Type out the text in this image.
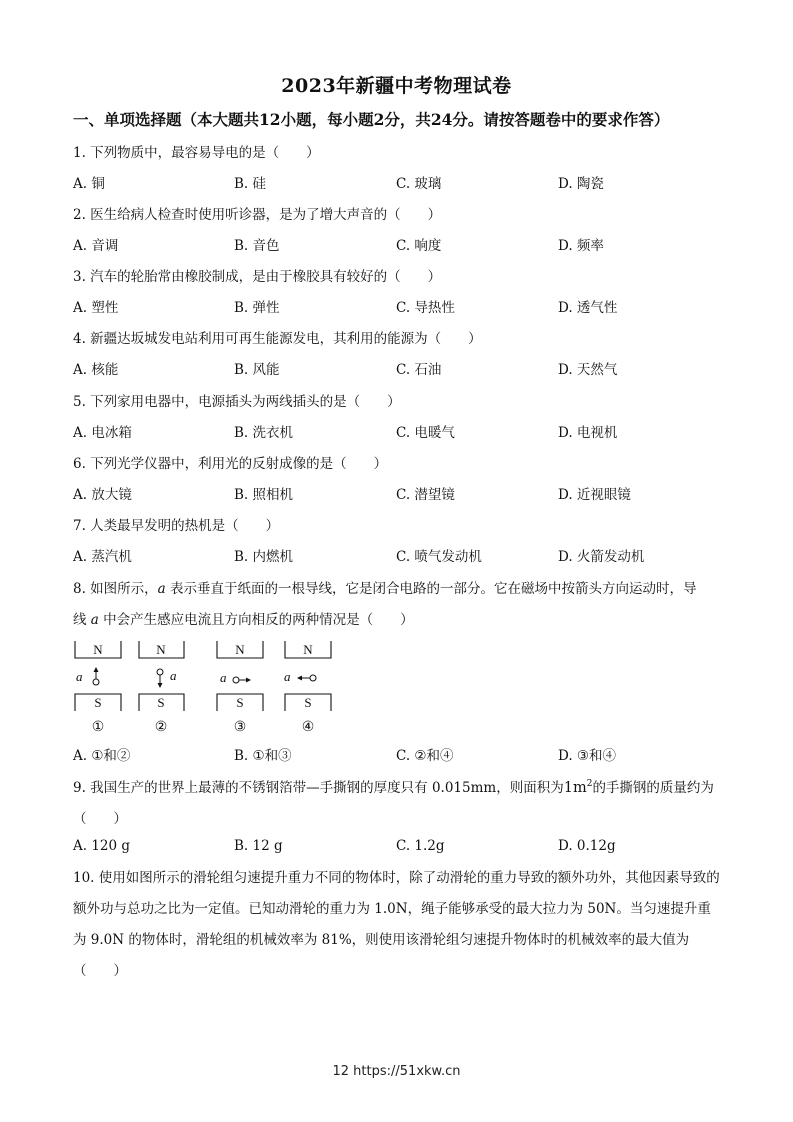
2023年新疆中考物理试卷
一、单项选择题（本大题共12小题，每小题2分，共24分。请按答题卷中的要求作答）
1. 下列物质中，最容易导电的是（　　）
A. 铜	B. 硅	C. 玻璃	D. 陶瓷
2. 医生给病人检查时使用听诊器，是为了增大声音的（　　）
A. 音调	B. 音色	C. 响度	D. 频率
3. 汽车的轮胎常由橡胶制成，是由于橡胶具有较好的（　　）
A. 塑性	B. 弹性	C. 导热性	D. 透气性
4. 新疆达坂城发电站利用可再生能源发电，其利用的能源为（　　）
A. 核能	B. 风能	C. 石油	D. 天然气
5. 下列家用电器中，电源插头为两线插头的是（　　）
A. 电冰箱	B. 洗衣机	C. 电暖气	D. 电视机
6. 下列光学仪器中，利用光的反射成像的是（　　）
A. 放大镜	B. 照相机	C. 潜望镜	D. 近视眼镜
7. 人类最早发明的热机是（　　）
A. 蒸汽机	B. 内燃机	C. 喷气发动机	D. 火箭发动机
8. 如图所示，a 表示垂直于纸面的一根导线，它是闭合电路的一部分。它在磁场中按箭头方向运动时，导
线 a 中会产生感应电流且方向相反的两种情况是（　　）
N	N	N	N
S	S	S	S
a	a	a	a
①	②	③	④
A. ①和②	B. ①和③	C. ②和④	D. ③和④
9. 我国生产的世界上最薄的不锈钢箔带—手撕钢的厚度只有 0.015mm，则面积为$1m^2$的手撕钢的质量约为
（　　）
A. 120 g	B. 12 g	C. 1.2g	D. 0.12g
10. 使用如图所示的滑轮组匀速提升重力不同的物体时，除了动滑轮的重力导致的额外功外，其他因素导致的额外功与总功之比为一定值。已知动滑轮的重力为 1.0N，绳子能够承受的最大拉力为 50N。当匀速提升重为 9.0N 的物体时，滑轮组的机械效率为 81%，则使用该滑轮组匀速提升物体时的机械效率的最大值为（　　）
12 https://51xkw.cn
